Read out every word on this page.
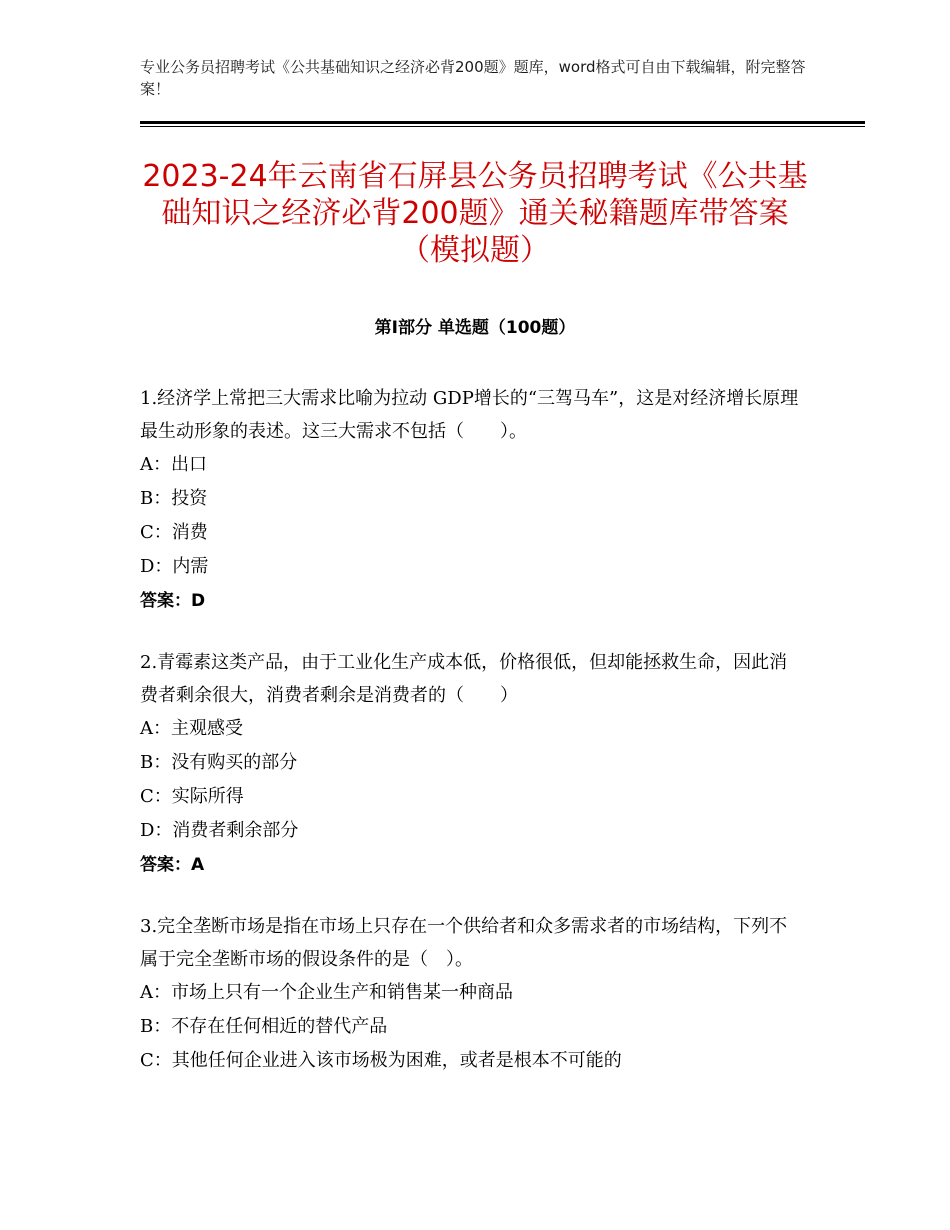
专业公务员招聘考试《公共基础知识之经济必背200题》题库，word格式可自由下载编辑，附完整答案！
2023-24年云南省石屏县公务员招聘考试《公共基础知识之经济必背200题》通关秘籍题库带答案（模拟题）
第I部分 单选题（100题）

1.经济学上常把三大需求比喻为拉动 GDP增长的“三驾马车”，这是对经济增长原理最生动形象的表述。这三大需求不包括（　　）。

A：出口

B：投资

C：消费

D：内需

答案：D

2.青霉素这类产品，由于工业化生产成本低，价格很低，但却能拯救生命，因此消费者剩余很大，消费者剩余是消费者的（　　）

A：主观感受

B：没有购买的部分

C：实际所得

D：消费者剩余部分

答案：A

3.完全垄断市场是指在市场上只存在一个供给者和众多需求者的市场结构，下列不属于完全垄断市场的假设条件的是（　）。

A：市场上只有一个企业生产和销售某一种商品

B：不存在任何相近的替代产品

C：其他任何企业进入该市场极为困难，或者是根本不可能的
